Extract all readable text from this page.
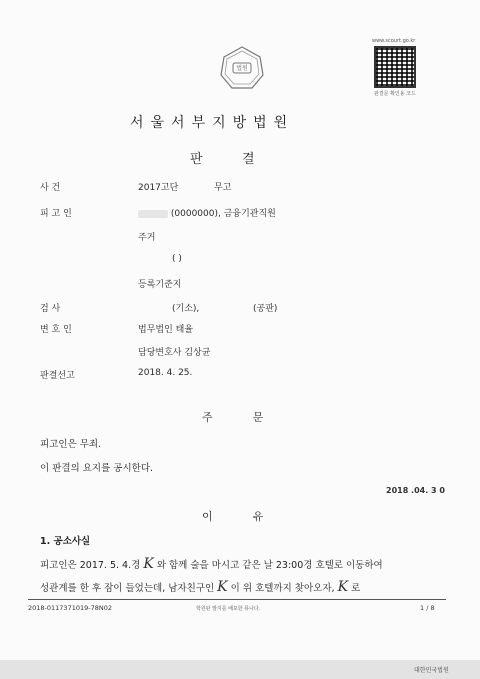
법원
www.scourt.go.kr
판결문 확인용 코드
서울서부지방법원
판	결
사 건	2017고단	무고
피 고 인	(0000000), 금융기관직원
주거
( )
등록기준지
검 사	(기소),	(공판)
변 호 인	법무법인 태율
담당변호사 김상균
판결선고	2018. 4. 25.
주	문
피고인은 무죄.
이 판결의 요지를 공시한다.
2018 .04. 3 0
이	유
1. 공소사실
피고인은 2017. 5. 4.경 K 와 함께 술을 마시고 같은 날 23:00경 호텔로 이동하여
성관계를 한 후 잠이 들었는데, 남자친구인 K 이 위 호텔까지 찾아오자, K 로
2018-0117371019-78N02	학원판 발지를 배포한 뮤나다.	1 / 8
대한민국법원
